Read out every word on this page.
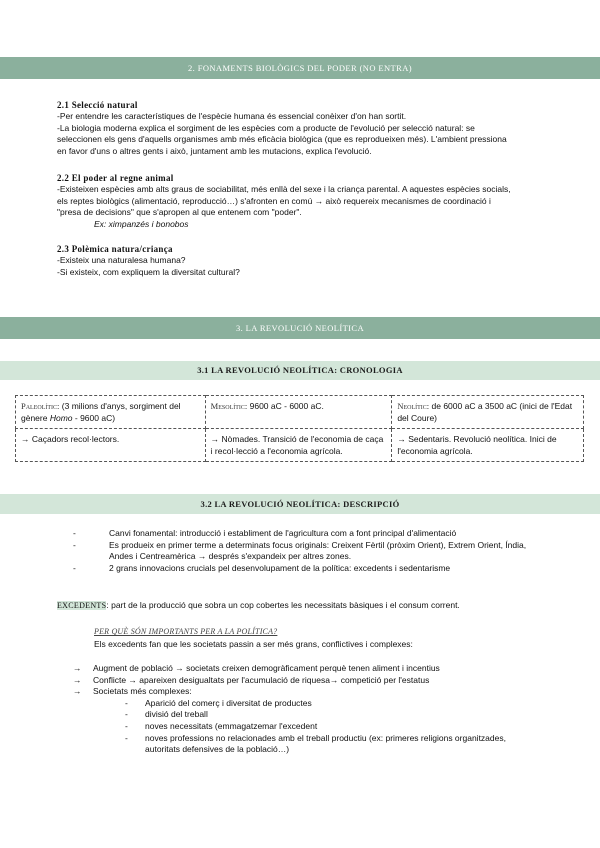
2. FONAMENTS BIOLÒGICS DEL PODER (NO ENTRA)
2.1 Selecció natural

-Per entendre les característiques de l'espècie humana és essencial conèixer d'on han sortit.

-La biologia moderna explica el sorgiment de les espècies com a producte de l'evolució per selecció natural: se

seleccionen els gens d'aquells organismes amb més eficàcia biològica (que es reprodueixen més). L'ambient pressiona

en favor d'uns o altres gents i això, juntament amb les mutacions, explica l'evolució.

2.2 El poder al regne animal

-Existeixen espècies amb alts graus de sociabilitat, més enllà del sexe i la criança parental. A aquestes espècies socials,

els reptes biològics (alimentació, reproducció…) s'afronten en comú → això requereix mecanismes de coordinació i

"presa de decisions" que s'apropen al que entenem com "poder".

Ex: ximpanzés i bonobos

2.3 Polèmica natura/criança

-Existeix una naturalesa humana?

-Si existeix, com expliquem la diversitat cultural?

3. LA REVOLUCIÓ NEOLÍTICA
3.1 LA REVOLUCIÓ NEOLÍTICA: CRONOLOGIA
Paleolític: (3 milions d'anys, sorgiment del gènere Homo - 9600 aC)	Mesolític: 9600 aC - 6000 aC.	Neolític: de 6000 aC a 3500 aC (inici de l'Edat del Coure)
→ Caçadors recol·lectors.	→ Nòmades. Transició de l'economia de caça i recol·lecció a l'economia agrícola.	→ Sedentaris. Revolució neolítica. Inici de l'economia agrícola.
3.2 LA REVOLUCIÓ NEOLÍTICA: DESCRIPCIÓ
-	Canvi fonamental: introducció i establiment de l'agricultura com a font principal d'alimentació
-	Es produeix en primer terme a determinats focus originals: Creixent Fèrtil (pròxim Orient), Extrem Orient, Índia,
Andes i Centreamèrica → després s'expandeix per altres zones.
-	2 grans innovacions crucials pel desenvolupament de la política: excedents i sedentarisme
EXCEDENTS: part de la producció que sobra un cop cobertes les necessitats bàsiques i el consum corrent.
PER QUÈ SÓN IMPORTANTS PER A LA POLÍTICA?
Els excedents fan que les societats passin a ser més grans, conflictives i complexes:
→	Augment de població → societats creixen demogràficament perquè tenen aliment i incentius
→	Conflicte → apareixen desigualtats per l'acumulació de riquesa→ competició per l'estatus
→	Societats més complexes:
-	Aparició del comerç i diversitat de productes
-	divisió del treball
-	noves necessitats (emmagatzemar l'excedent
-	noves professions no relacionades amb el treball productiu (ex: primeres religions organitzades,
autoritats defensives de la població…)
